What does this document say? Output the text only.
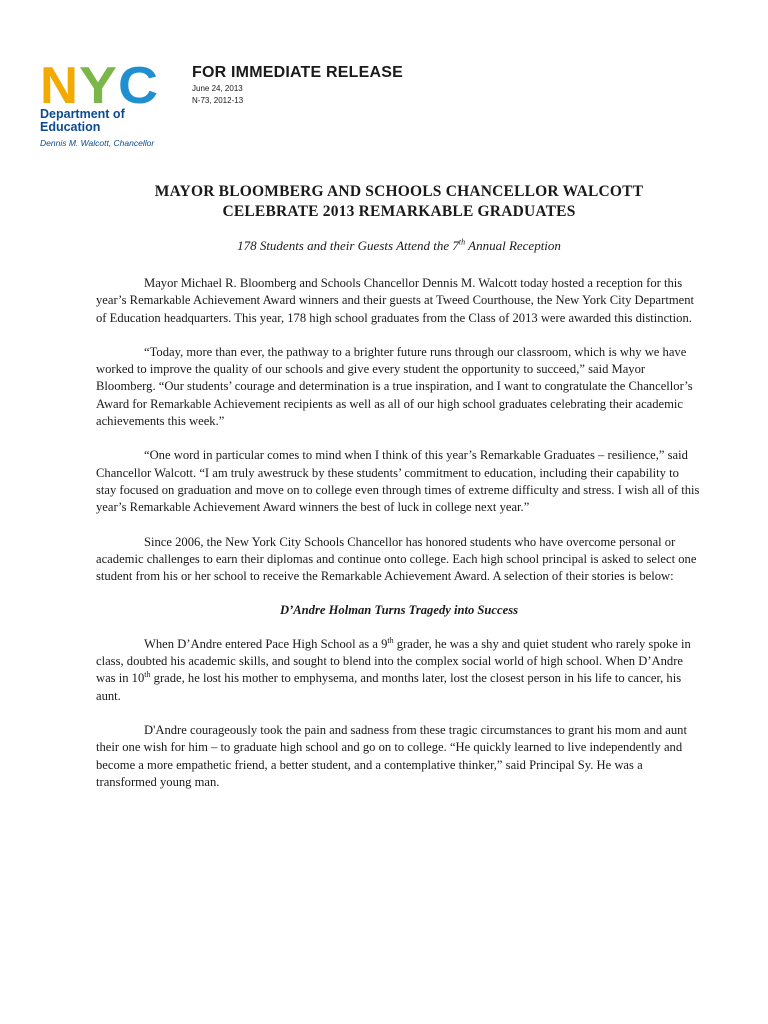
N Y C
Department of
Education
Dennis M. Walcott, Chancellor
FOR IMMEDIATE RELEASE
June 24, 2013
N-73, 2012-13
MAYOR BLOOMBERG AND SCHOOLS CHANCELLOR WALCOTT
CELEBRATE 2013 REMARKABLE GRADUATES
178 Students and their Guests Attend the 7th Annual Reception

Mayor Michael R. Bloomberg and Schools Chancellor Dennis M. Walcott today hosted a reception for this year’s Remarkable Achievement Award winners and their guests at Tweed Courthouse, the New York City Department of Education headquarters. This year, 178 high school graduates from the Class of 2013 were awarded this distinction.

“Today, more than ever, the pathway to a brighter future runs through our classroom, which is why we have worked to improve the quality of our schools and give every student the opportunity to succeed,” said Mayor Bloomberg. “Our students’ courage and determination is a true inspiration, and I want to congratulate the Chancellor’s Award for Remarkable Achievement recipients as well as all of our high school graduates celebrating their academic achievements this week.”

“One word in particular comes to mind when I think of this year’s Remarkable Graduates – resilience,” said Chancellor Walcott. “I am truly awestruck by these students’ commitment to education, including their capability to stay focused on graduation and move on to college even through times of extreme difficulty and stress. I wish all of this year’s Remarkable Achievement Award winners the best of luck in college next year.”

Since 2006, the New York City Schools Chancellor has honored students who have overcome personal or academic challenges to earn their diplomas and continue onto college. Each high school principal is asked to select one student from his or her school to receive the Remarkable Achievement Award. A selection of their stories is below:

D’Andre Holman Turns Tragedy into Success

When D’Andre entered Pace High School as a 9th grader, he was a shy and quiet student who rarely spoke in class, doubted his academic skills, and sought to blend into the complex social world of high school. When D’Andre was in 10th grade, he lost his mother to emphysema, and months later, lost the closest person in his life to cancer, his aunt.

D'Andre courageously took the pain and sadness from these tragic circumstances to grant his mom and aunt their one wish for him – to graduate high school and go on to college. “He quickly learned to live independently and become a more empathetic friend, a better student, and a contemplative thinker,” said Principal Sy. He was a transformed young man.
